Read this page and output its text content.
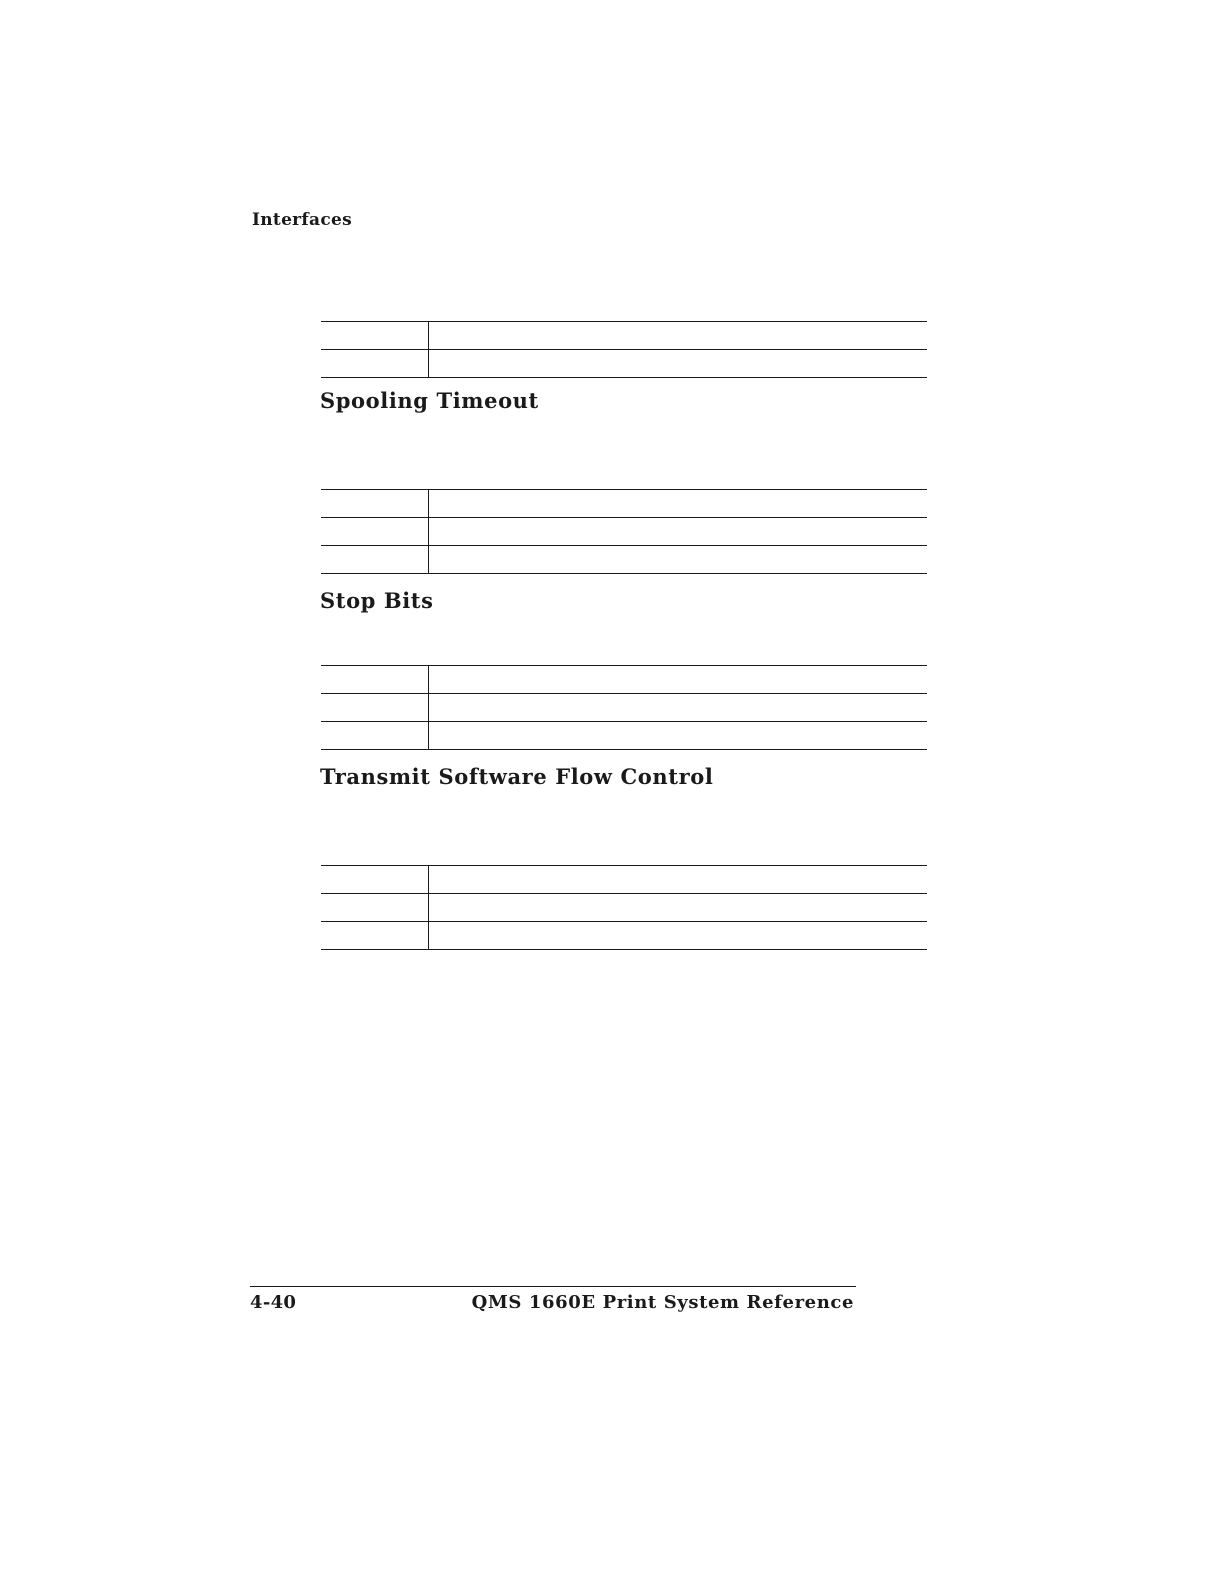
Interfaces

Spooling Timeout

Stop Bits

Transmit Software Flow Control

4-40	QMS 1660E Print System Reference
